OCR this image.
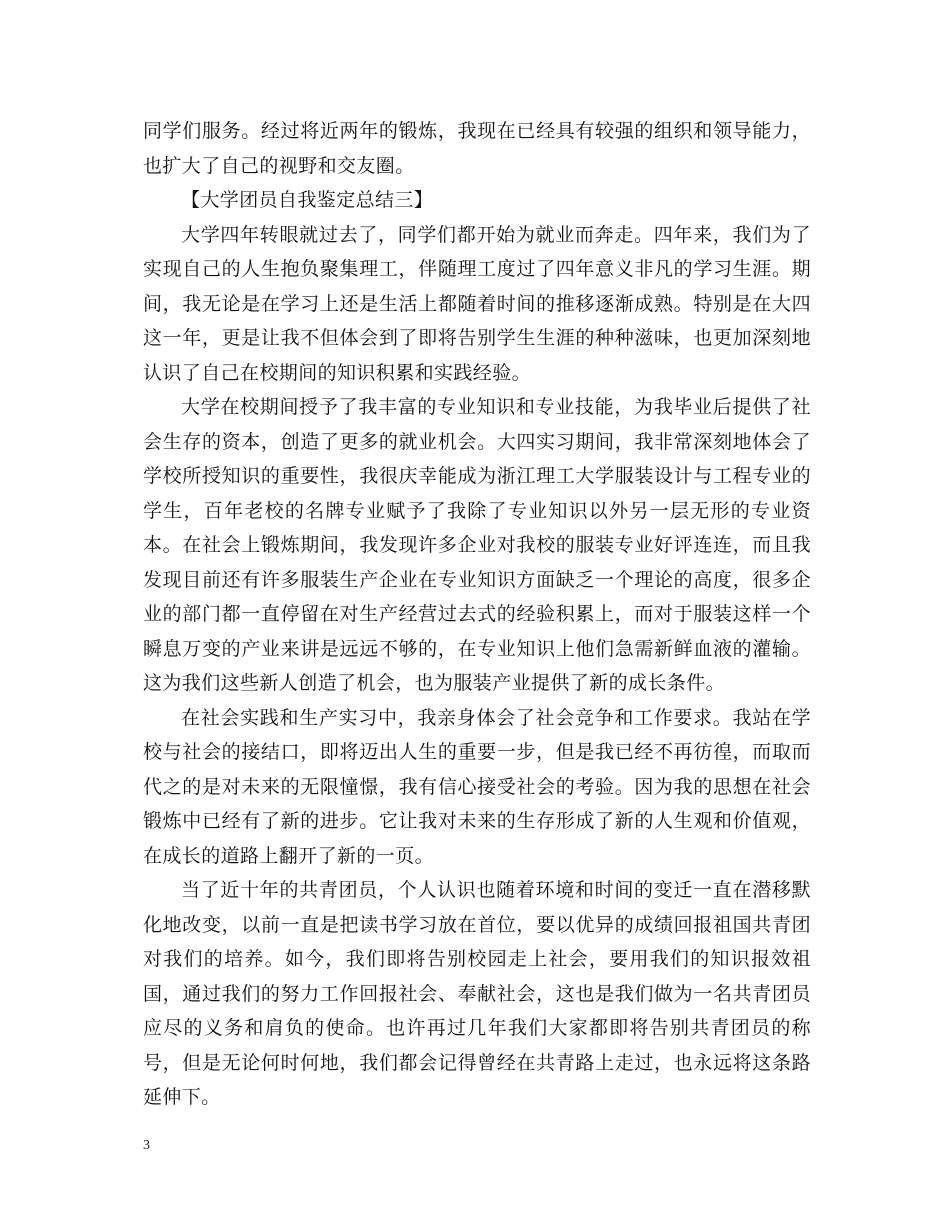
同学们服务。经过将近两年的锻炼，我现在已经具有较强的组织和领导能力，也扩大了自己的视野和交友圈。

【大学团员自我鉴定总结三】

大学四年转眼就过去了，同学们都开始为就业而奔走。四年来，我们为了实现自己的人生抱负聚集理工，伴随理工度过了四年意义非凡的学习生涯。期间，我无论是在学习上还是生活上都随着时间的推移逐渐成熟。特别是在大四这一年，更是让我不但体会到了即将告别学生生涯的种种滋味，也更加深刻地认识了自己在校期间的知识积累和实践经验。

大学在校期间授予了我丰富的专业知识和专业技能，为我毕业后提供了社会生存的资本，创造了更多的就业机会。大四实习期间，我非常深刻地体会了学校所授知识的重要性，我很庆幸能成为浙江理工大学服装设计与工程专业的学生，百年老校的名牌专业赋予了我除了专业知识以外另一层无形的专业资本。在社会上锻炼期间，我发现许多企业对我校的服装专业好评连连，而且我发现目前还有许多服装生产企业在专业知识方面缺乏一个理论的高度，很多企业的部门都一直停留在对生产经营过去式的经验积累上，而对于服装这样一个瞬息万变的产业来讲是远远不够的，在专业知识上他们急需新鲜血液的灌输。这为我们这些新人创造了机会，也为服装产业提供了新的成长条件。

在社会实践和生产实习中，我亲身体会了社会竞争和工作要求。我站在学校与社会的接结口，即将迈出人生的重要一步，但是我已经不再彷徨，而取而代之的是对未来的无限憧憬，我有信心接受社会的考验。因为我的思想在社会锻炼中已经有了新的进步。它让我对未来的生存形成了新的人生观和价值观，在成长的道路上翻开了新的一页。

当了近十年的共青团员，个人认识也随着环境和时间的变迁一直在潜移默化地改变，以前一直是把读书学习放在首位，要以优异的成绩回报祖国共青团对我们的培养。如今，我们即将告别校园走上社会，要用我们的知识报效祖国，通过我们的努力工作回报社会、奉献社会，这也是我们做为一名共青团员应尽的义务和肩负的使命。也许再过几年我们大家都即将告别共青团员的称号，但是无论何时何地，我们都会记得曾经在共青路上走过，也永远将这条路延伸下。

3
